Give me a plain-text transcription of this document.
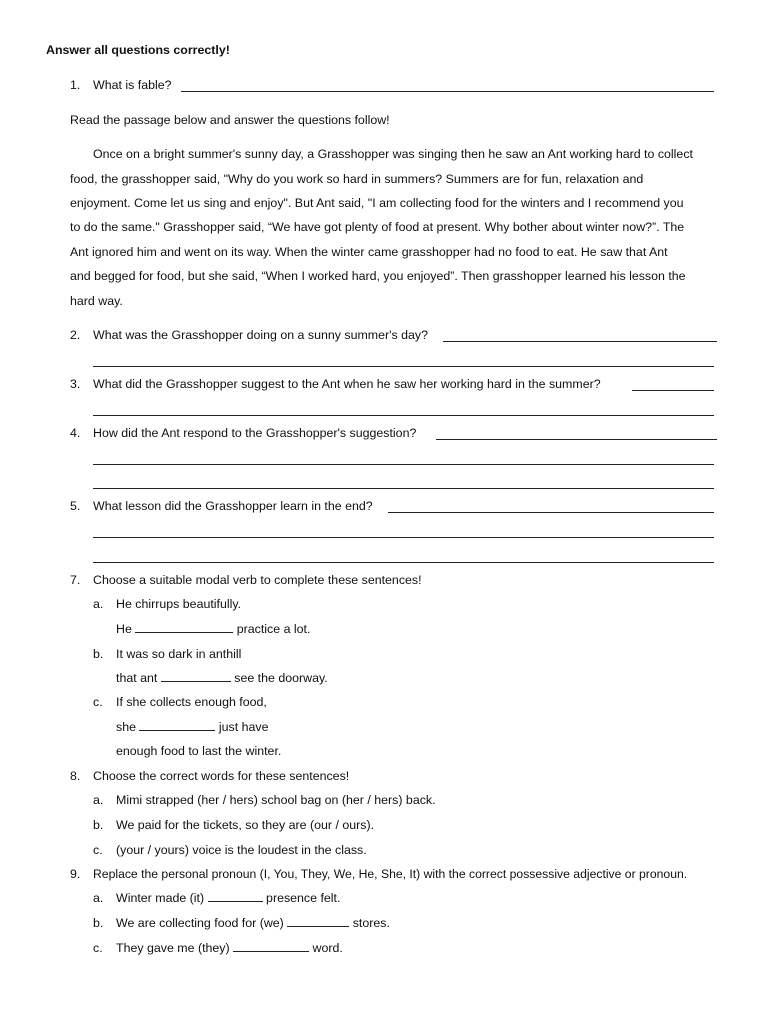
Answer all questions correctly!
1. What is fable?
Read the passage below and answer the questions follow!
Once on a bright summer's sunny day, a Grasshopper was singing then he saw an Ant working hard to collect
food, the grasshopper said, "Why do you work so hard in summers? Summers are for fun, relaxation and
enjoyment. Come let us sing and enjoy". But Ant said, "I am collecting food for the winters and I recommend you
to do the same." Grasshopper said, “We have got plenty of food at present. Why bother about winter now?”. The
Ant ignored him and went on its way. When the winter came grasshopper had no food to eat. He saw that Ant
and begged for food, but she said, “When I worked hard, you enjoyed”. Then grasshopper learned his lesson the
hard way.
2. What was the Grasshopper doing on a sunny summer's day?
3. What did the Grasshopper suggest to the Ant when he saw her working hard in the summer?
4. How did the Ant respond to the Grasshopper's suggestion?
5. What lesson did the Grasshopper learn in the end?
7. Choose a suitable modal verb to complete these sentences!
a. He chirrups beautifully.
He	practice a lot.
b. It was so dark in anthill
that ant	see the doorway.
c. If she collects enough food,
she	just have
enough food to last the winter.
8. Choose the correct words for these sentences!
a. Mimi strapped (her / hers) school bag on (her / hers) back.
b. We paid for the tickets, so they are (our / ours).
c. (your / yours) voice is the loudest in the class.
9. Replace the personal pronoun (I, You, They, We, He, She, It) with the correct possessive adjective or pronoun.
a. Winter made (it)	presence felt.
b. We are collecting food for (we)	stores.
c. They gave me (they)	word.
